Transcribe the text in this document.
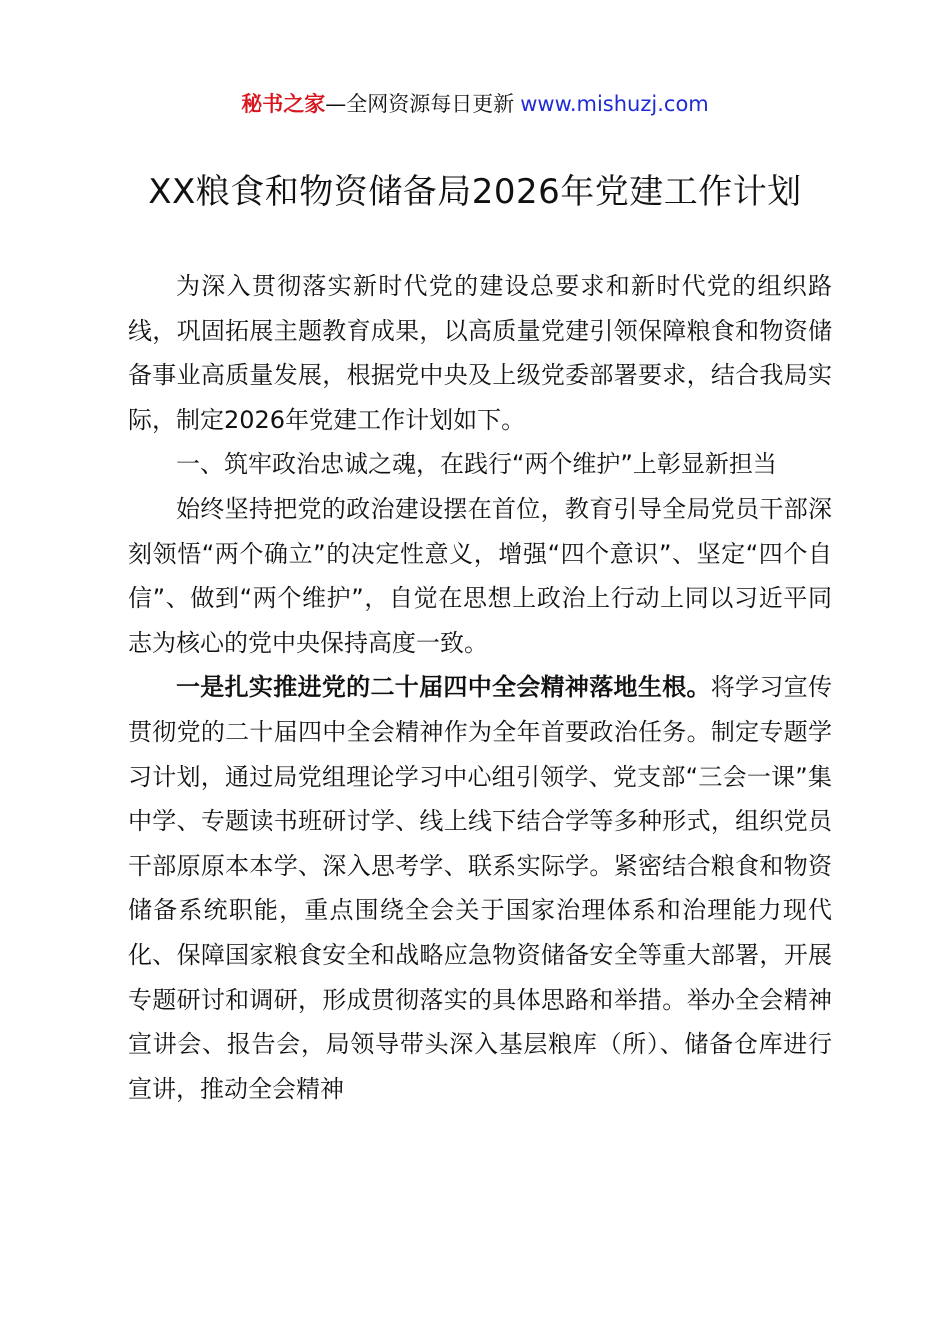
秘书之家—全网资源每日更新 www.mishuzj.com
XX粮食和物资储备局2026年党建工作计划

为深入贯彻落实新时代党的建设总要求和新时代党的组织路线，巩固拓展主题教育成果，以高质量党建引领保障粮食和物资储备事业高质量发展，根据党中央及上级党委部署要求，结合我局实际，制定2026年党建工作计划如下。

一、筑牢政治忠诚之魂，在践行“两个维护”上彰显新担当

始终坚持把党的政治建设摆在首位，教育引导全局党员干部深刻领悟“两个确立”的决定性意义，增强“四个意识”、坚定“四个自信”、做到“两个维护”，自觉在思想上政治上行动上同以习近平同志为核心的党中央保持高度一致。

一是扎实推进党的二十届四中全会精神落地生根。将学习宣传贯彻党的二十届四中全会精神作为全年首要政治任务。制定专题学习计划，通过局党组理论学习中心组引领学、党支部“三会一课”集中学、专题读书班研讨学、线上线下结合学等多种形式，组织党员干部原原本本学、深入思考学、联系实际学。紧密结合粮食和物资储备系统职能，重点围绕全会关于国家治理体系和治理能力现代化、保障国家粮食安全和战略应急物资储备安全等重大部署，开展专题研讨和调研，形成贯彻落实的具体思路和举措。举办全会精神宣讲会、报告会，局领导带头深入基层粮库（所）、储备仓库进行宣讲，推动全会精神
